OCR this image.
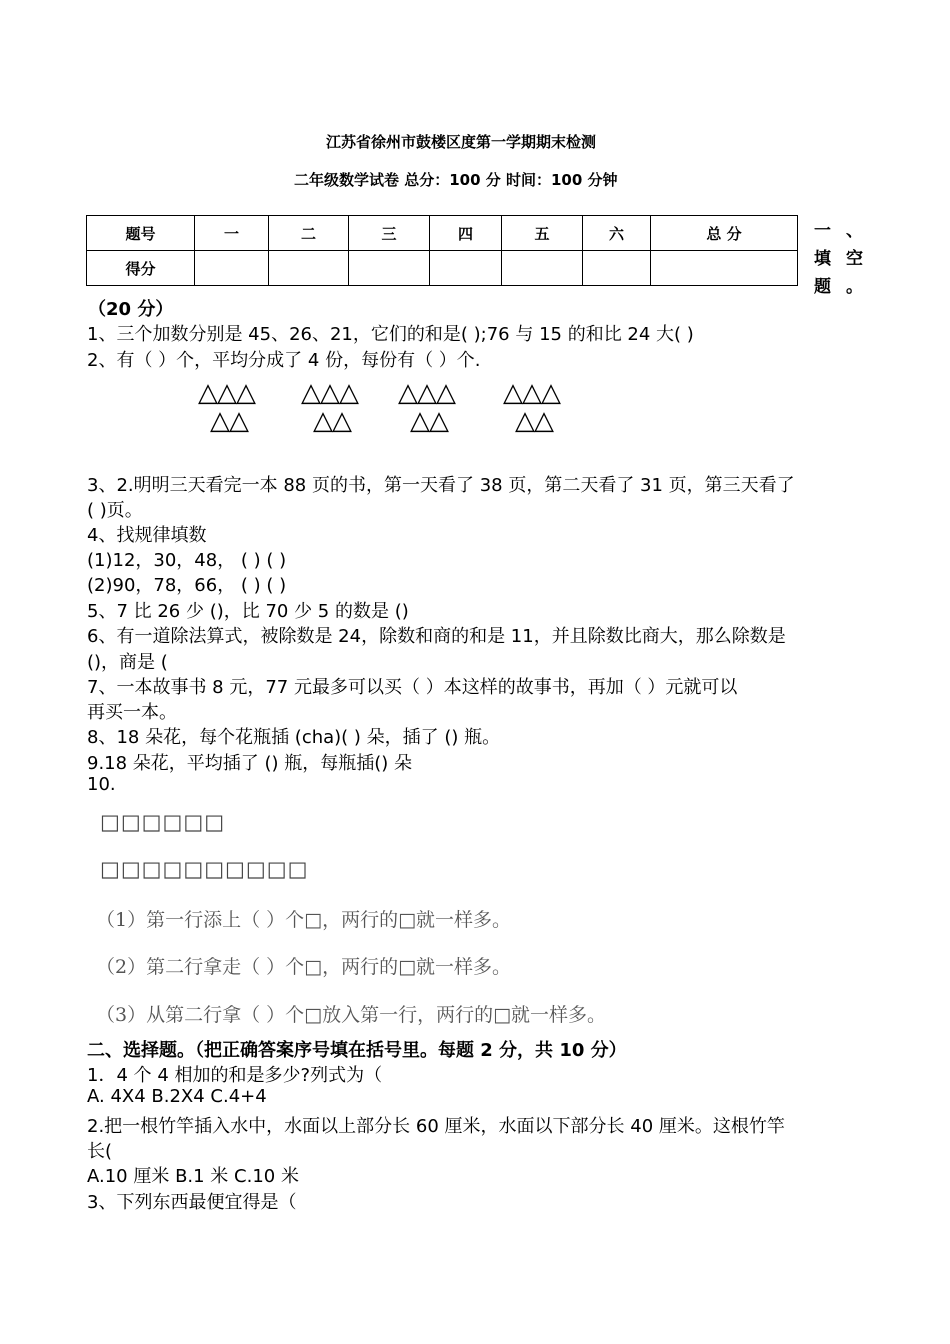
江苏省徐州市鼓楼区度第一学期期末检测
二年级数学试卷 总分：100 分 时间：100 分钟
题号	一	二	三	四	五	六	总 分
得分							
一 、
填 空
题 。
（20 分）
1、三个加数分别是 45、26、21，它们的和是( );76 与 15 的和比 24 大( )
2、有（ ）个，平均分成了 4 份，每份有（ ）个.
△△△
△△
△△△
△△
△△△
△△
△△△
△△
3、2.明明三天看完一本 88 页的书，第一天看了 38 页，第二天看了 31 页，第三天看了
( )页。
4、找规律填数
(1)12，30，48， ( ) ( )
(2)90，78，66， ( ) ( )
5、7 比 26 少 ()，比 70 少 5 的数是 ()
6、有一道除法算式，被除数是 24，除数和商的和是 11，并且除数比商大，那么除数是
()，商是 (
7、一本故事书 8 元，77 元最多可以买（ ）本这样的故事书，再加（ ）元就可以
再买一本。
8、18 朵花，每个花瓶插 (cha)( ) 朵，插了 () 瓶。
9.18 朵花，平均插了 () 瓶，每瓶插() 朵
10.
□□□□□□
□□□□□□□□□□
（1）第一行添上（ ）个□，两行的□就一样多。
（2）第二行拿走（ ）个□，两行的□就一样多。
（3）从第二行拿（ ）个□放入第一行，两行的□就一样多。
二、选择题。（把正确答案序号填在括号里。每题 2 分，共 10 分）
1．4 个 4 相加的和是多少?列式为（
A. 4X4 B.2X4 C.4+4
2.把一根竹竿插入水中，水面以上部分长 60 厘米，水面以下部分长 40 厘米。这根竹竿
长(
A.10 厘米 B.1 米 C.10 米
3、下列东西最便宜得是（
